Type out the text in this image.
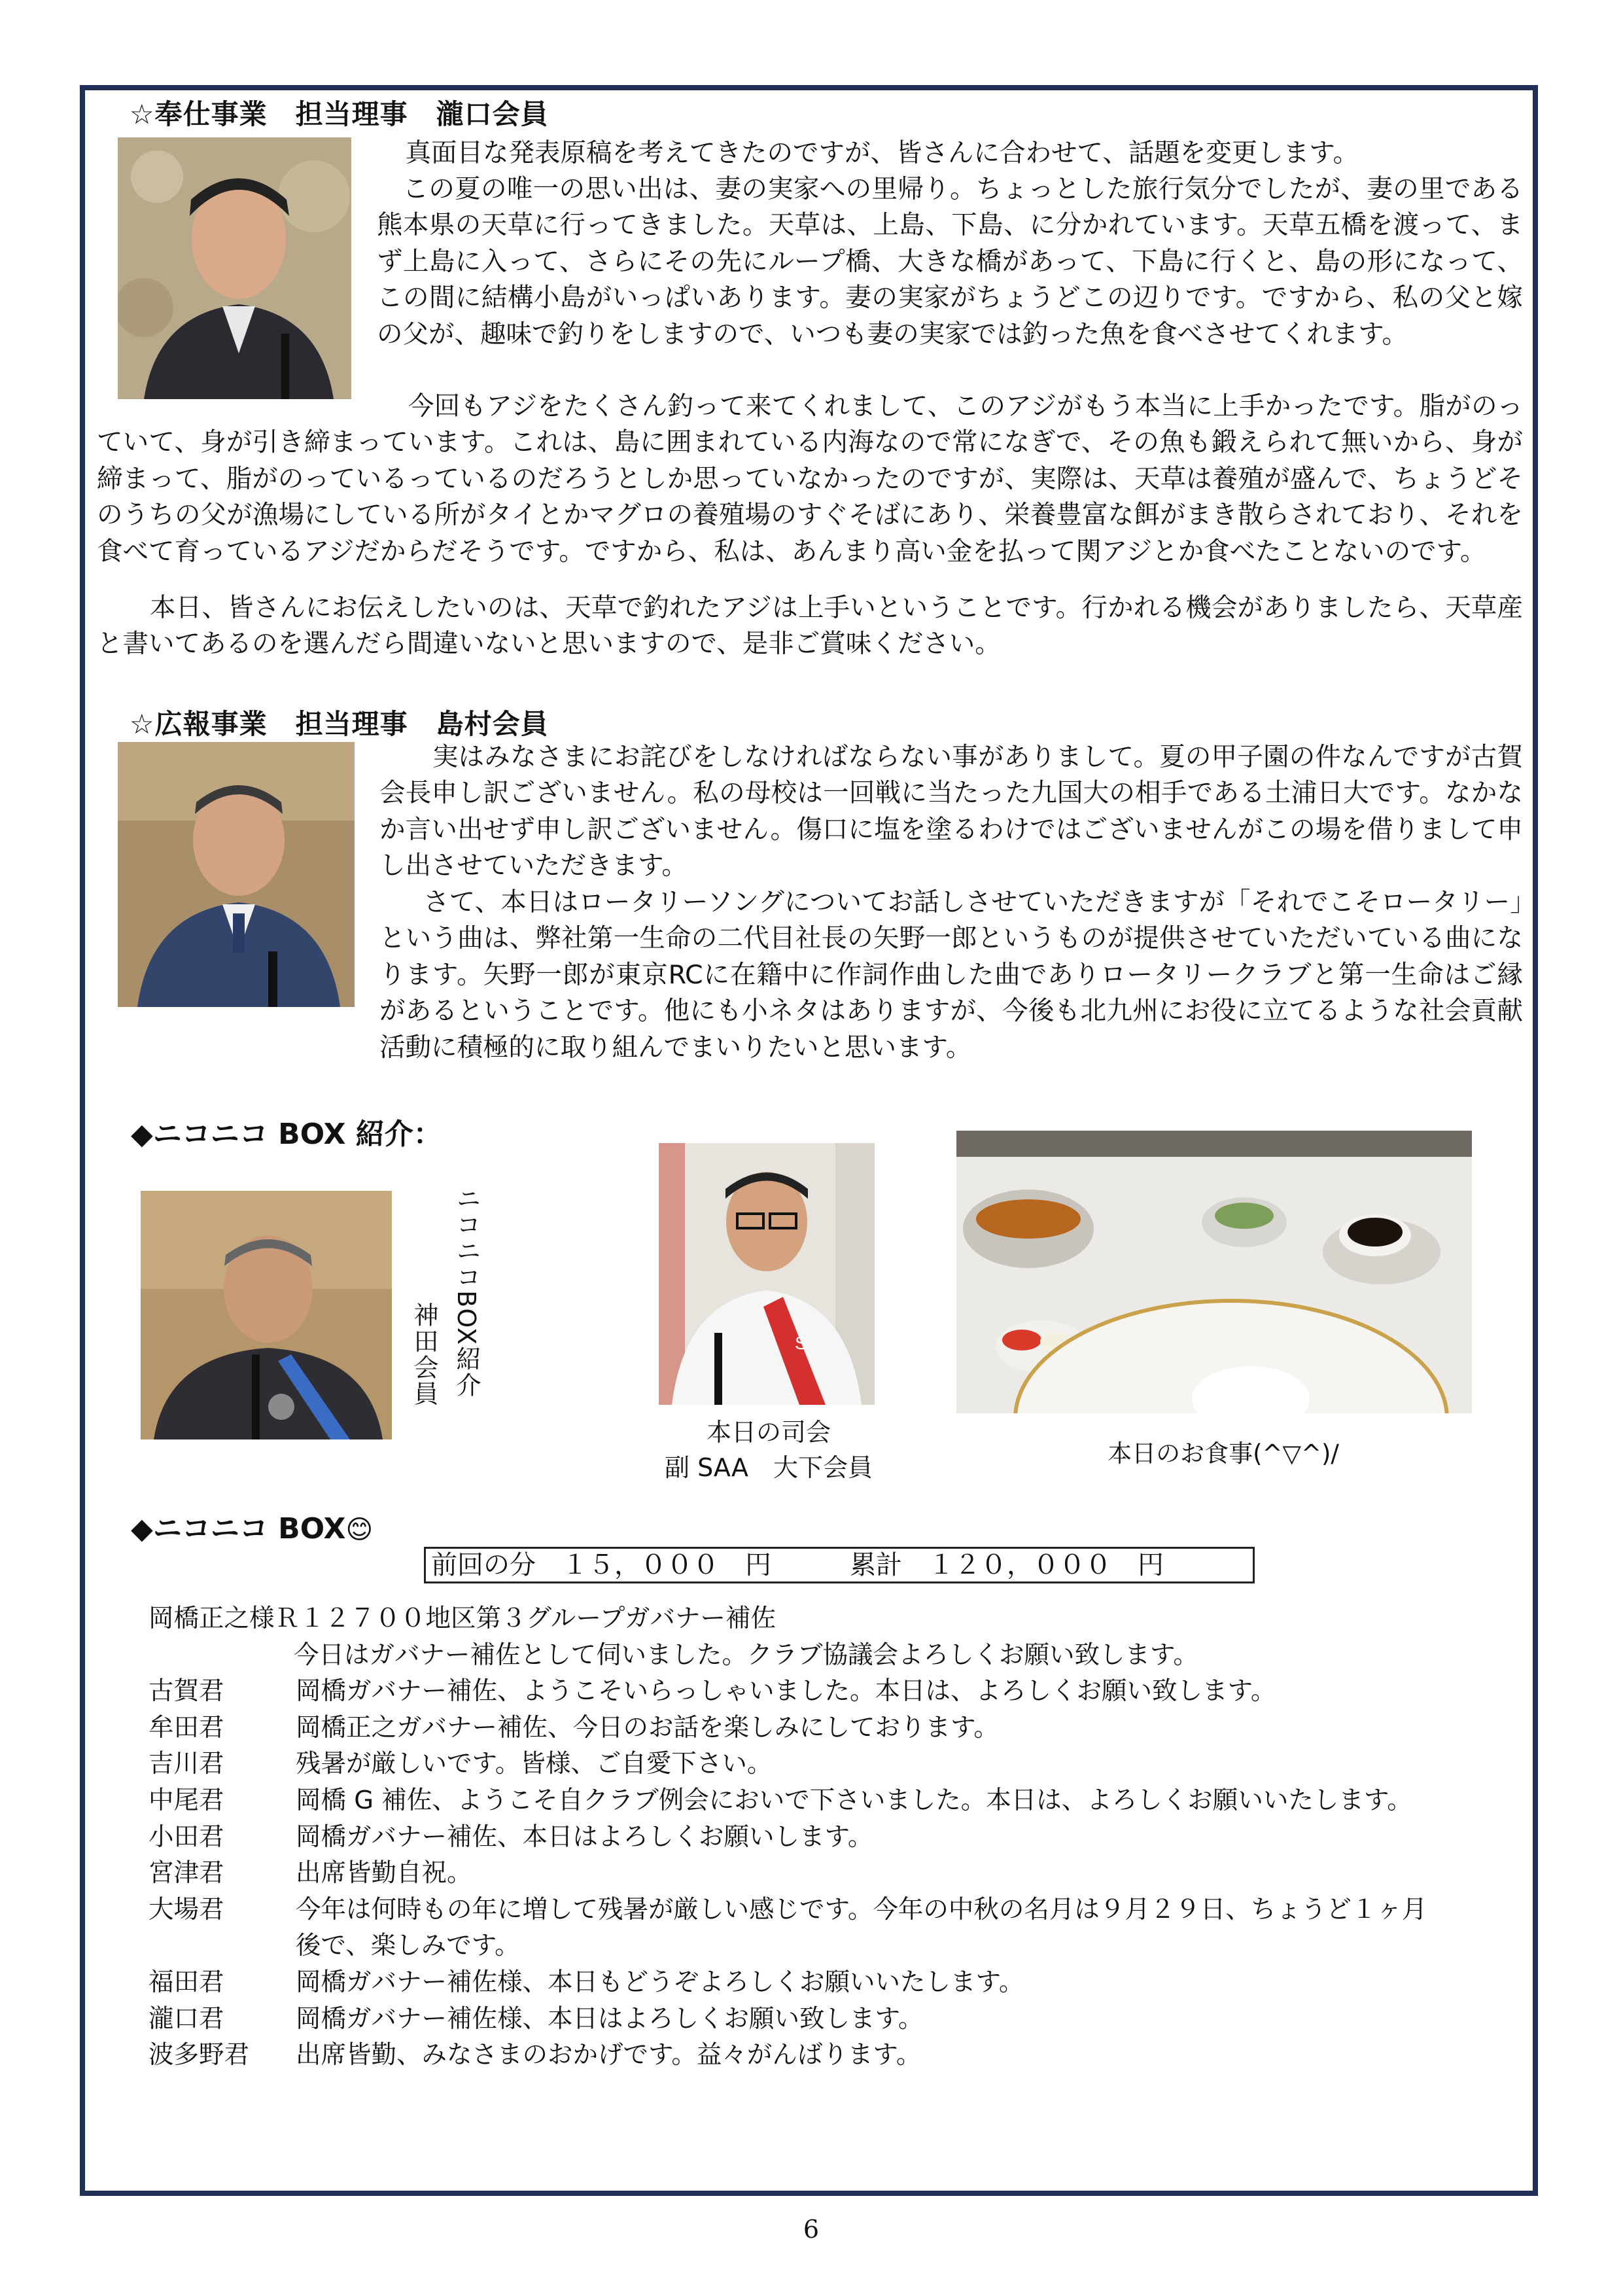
☆奉仕事業　担当理事　瀧口会員

真面目な発表原稿を考えてきたのですが、皆さんに合わせて、話題を変更します。

この夏の唯一の思い出は、妻の実家への里帰り。ちょっとした旅行気分でしたが、妻の里である熊本県の天草に行ってきました。天草は、上島、下島、に分かれています。天草五橋を渡って、まず上島に入って、さらにその先にループ橋、大きな橋があって、下島に行くと、島の形になって、この間に結構小島がいっぱいあります。妻の実家がちょうどこの辺りです。ですから、私の父と嫁の父が、趣味で釣りをしますので、いつも妻の実家では釣った魚を食べさせてくれます。

今回もアジをたくさん釣って来てくれまして、このアジがもう本当に上手かったです。脂がのっていて、身が引き締まっています。これは、島に囲まれている内海なので常になぎで、その魚も鍛えられて無いから、身が締まって、脂がのっているっているのだろうとしか思っていなかったのですが、実際は、天草は養殖が盛んで、ちょうどそのうちの父が漁場にしている所がタイとかマグロの養殖場のすぐそばにあり、栄養豊富な餌がまき散らされており、それを食べて育っているアジだからだそうです。ですから、私は、あんまり高い金を払って関アジとか食べたことないのです。

本日、皆さんにお伝えしたいのは、天草で釣れたアジは上手いということです。行かれる機会がありましたら、天草産と書いてあるのを選んだら間違いないと思いますので、是非ご賞味ください。

☆広報事業　担当理事　島村会員

実はみなさまにお詫びをしなければならない事がありまして。夏の甲子園の件なんですが古賀会長申し訳ございません。私の母校は一回戦に当たった九国大の相手である土浦日大です。なかなか言い出せず申し訳ございません。傷口に塩を塗るわけではございませんがこの場を借りまして申し出させていただきます。

さて、本日はロータリーソングについてお話しさせていただきますが「それでこそロータリー」という曲は、弊社第一生命の二代目社長の矢野一郎というものが提供させていただいている曲になります。矢野一郎が東京RCに在籍中に作詞作曲した曲でありロータリークラブと第一生命はご縁があるということです。他にも小ネタはありますが、今後も北九州にお役に立てるような社会貢献活動に積極的に取り組んでまいりたいと思います。

◆ニコニコ BOX 紹介：
ニコニコBOX紹介
神田会員	S
本日の司会
副 SAA　大下会員	本日のお食事(^▽^)/
◆ニコニコ BOX😊
前回の分　１５，０００　円　　　累計　１２０，０００　円
岡橋正之様Ｒ１２７００地区第３グループガバナー補佐
今日はガバナー補佐として伺いました。クラブ協議会よろしくお願い致します。
古賀君	岡橋ガバナー補佐、ようこそいらっしゃいました。本日は、よろしくお願い致します。
牟田君	岡橋正之ガバナー補佐、今日のお話を楽しみにしております。
吉川君	残暑が厳しいです。皆様、ご自愛下さい。
中尾君	岡橋 G 補佐、ようこそ自クラブ例会においで下さいました。本日は、よろしくお願いいたします。
小田君	岡橋ガバナー補佐、本日はよろしくお願いします。
宮津君	出席皆勤自祝。
大場君	今年は何時もの年に増して残暑が厳しい感じです。今年の中秋の名月は９月２９日、ちょうど１ヶ月後で、楽しみです。
福田君	岡橋ガバナー補佐様、本日もどうぞよろしくお願いいたします。
瀧口君	岡橋ガバナー補佐様、本日はよろしくお願い致します。
波多野君	出席皆勤、みなさまのおかげです。益々がんばります。
6
